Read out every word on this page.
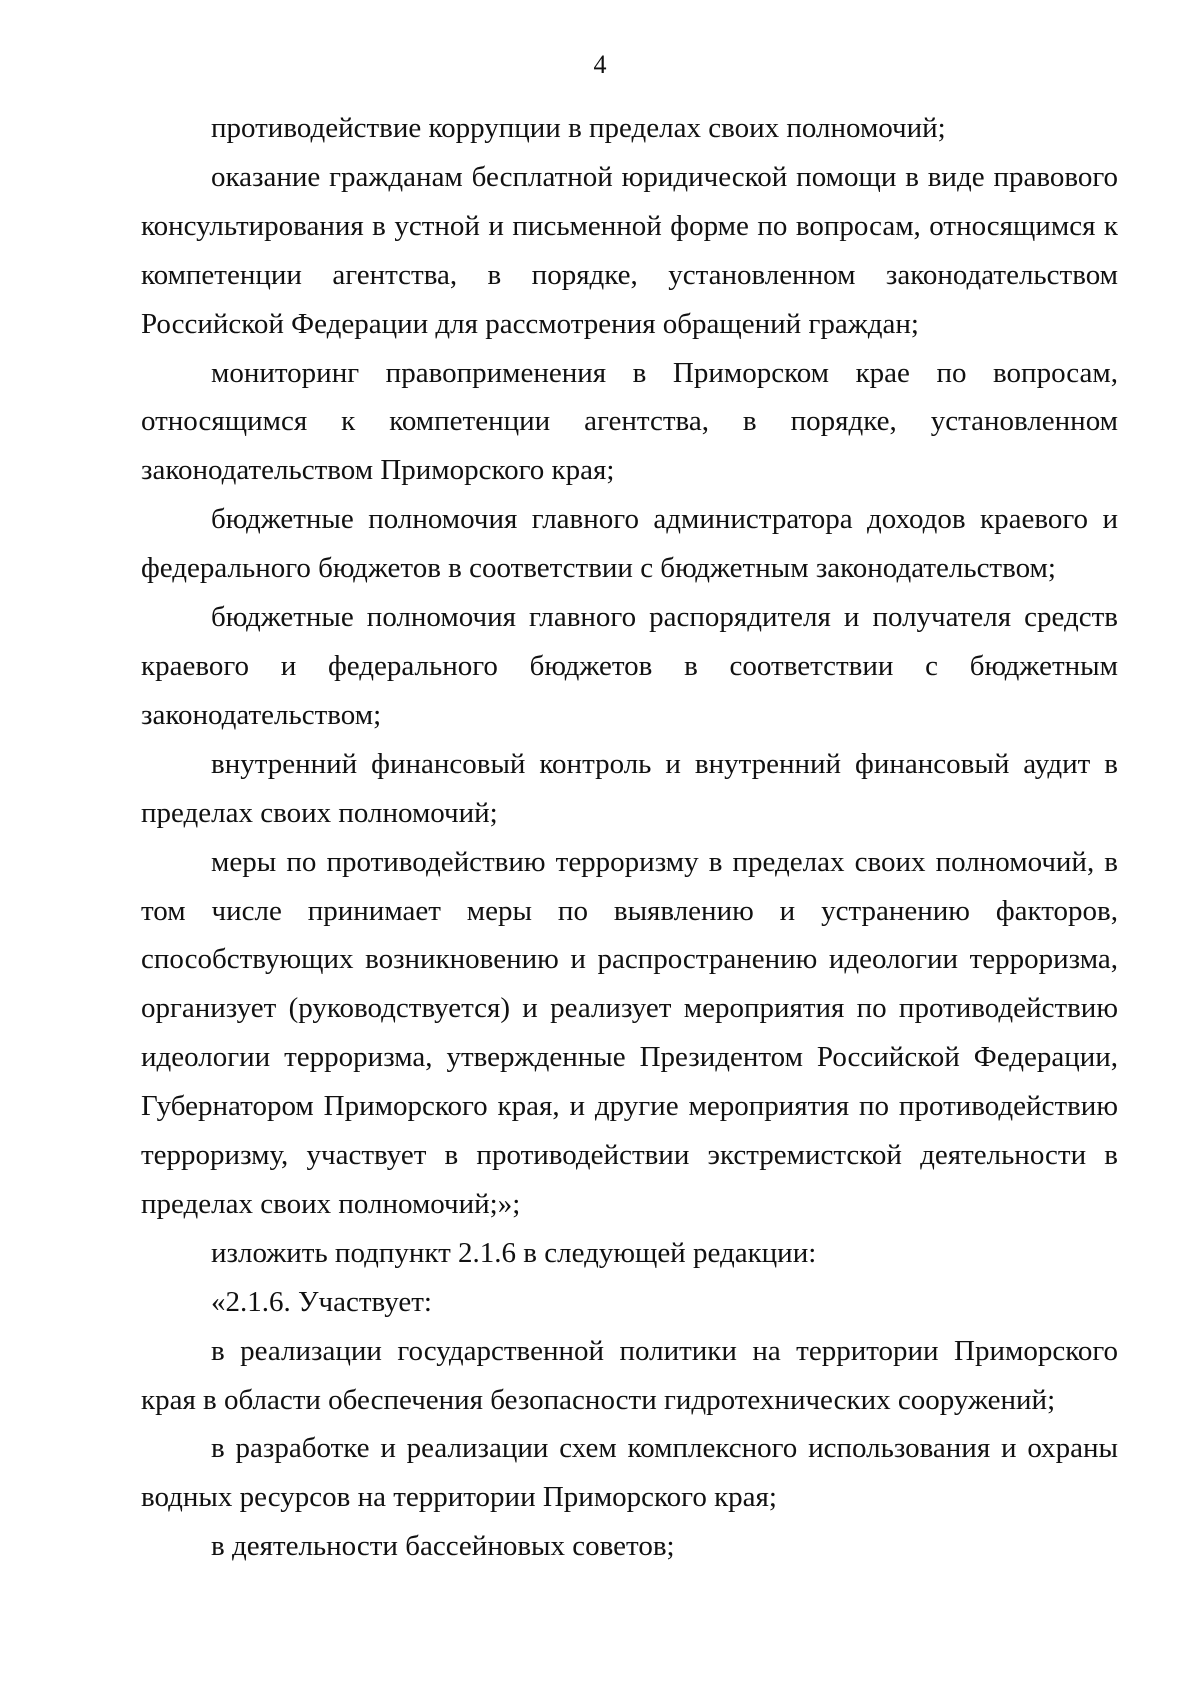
4

противодействие коррупции в пределах своих полномочий;

оказание гражданам бесплатной юридической помощи в виде правового консультирования в устной и письменной форме по вопросам, относящимся к компетенции агентства, в порядке, установленном законодательством Российской Федерации для рассмотрения обращений граждан;

мониторинг правоприменения в Приморском крае по вопросам, относящимся к компетенции агентства, в порядке, установленном законодательством Приморского края;

бюджетные полномочия главного администратора доходов краевого и федерального бюджетов в соответствии с бюджетным законодательством;

бюджетные полномочия главного распорядителя и получателя средств краевого и федерального бюджетов в соответствии с бюджетным законодательством;

внутренний финансовый контроль и внутренний финансовый аудит в пределах своих полномочий;

меры по противодействию терроризму в пределах своих полномочий, в том числе принимает меры по выявлению и устранению факторов, способствующих возникновению и распространению идеологии терроризма, организует (руководствуется) и реализует мероприятия по противодействию идеологии терроризма, утвержденные Президентом Российской Федерации, Губернатором Приморского края, и другие мероприятия по противодействию терроризму, участвует в противодействии экстремистской деятельности в пределах своих полномочий;»;

изложить подпункт 2.1.6 в следующей редакции:

«2.1.6. Участвует:

в реализации государственной политики на территории Приморского края в области обеспечения безопасности гидротехнических сооружений;

в разработке и реализации схем комплексного использования и охраны водных ресурсов на территории Приморского края;

в деятельности бассейновых советов;
